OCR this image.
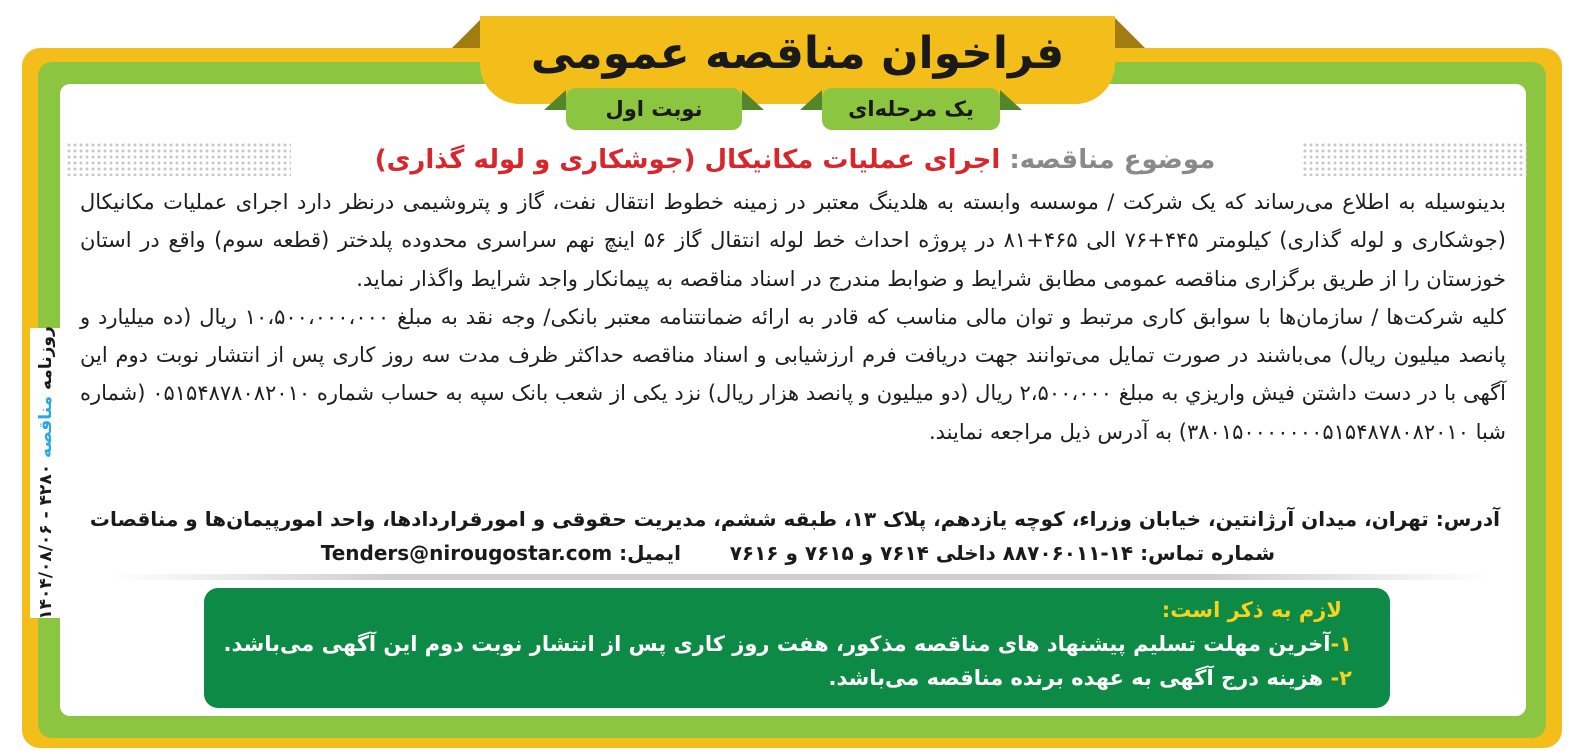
فراخوان مناقصه عمومی
یک مرحله‌ای
نوبت اول
موضوع مناقصه: اجرای عملیات مکانیکال (جوشکاری و لوله گذاری)

بدینوسیله به اطلاع می‌رساند که یک شرکت / موسسه وابسته به هلدینگ معتبر در زمینه خطوط انتقال نفت، گاز و پتروشیمی درنظر دارد اجرای عملیات مکانیکال (جوشکاری و لوله گذاری) کیلومتر ۴۴۵+۷۶ الی ۴۶۵+۸۱ در پروژه احداث خط لوله انتقال گاز ۵۶ اینچ نهم سراسری محدوده پلدختر (قطعه سوم) واقع در استان خوزستان را از طریق برگزاری مناقصه عمومی مطابق شرایط و ضوابط مندرج در اسناد مناقصه به پیمانکار واجد شرایط واگذار نماید.

کلیه شرکت‌ها / سازمان‌ها با سوابق کاری مرتبط و توان مالی مناسب که قادر به ارائه ضمانتنامه معتبر بانکی/ وجه نقد به مبلغ ۱۰،۵۰۰،۰۰۰،۰۰۰ ریال (ده میلیارد و پانصد میلیون ریال) می‌باشند در صورت تمایل می‌توانند جهت دریافت فرم ارزشیابی و اسناد مناقصه حداکثر ظرف مدت سه روز کاری پس از انتشار نوبت دوم این آگهی با در دست داشتن فیش واریزي به مبلغ ۲،۵۰۰،۰۰۰ ریال (دو میلیون و پانصد هزار ریال) نزد یکی از شعب بانک سپه به حساب شماره ۰۵۱۵۴۸۷۸۰۸۲۰۱۰ (شماره شبا ۳۸۰۱۵۰۰۰۰۰۰۰۵۱۵۴۸۷۸۰۸۲۰۱۰) به آدرس ذیل مراجعه نمایند.

آدرس: تهران، میدان آرژانتین، خیابان وزراء، کوچه یازدهم، پلاک ۱۳، طبقه ششم، مدیریت حقوقی و امورقراردادها، واحد امورپیمان‌ها و مناقصات
شماره تماس: ۱۴-۸۸۷۰۶۰۱۱ داخلی ۷۶۱۴ و ۷۶۱۵ و ۷۶۱۶       ایمیل: Tenders@nirougostar.com
لازم به ذکر است:
۱-آخرین مهلت تسلیم پیشنهاد های مناقصه مذکور، هفت روز کاری پس از انتشار نوبت دوم این آگهی می‌باشد.
۲- هزینه درج آگهی به عهده برنده مناقصه می‌باشد.
روزنامه مناقصه ۴۲۸۰ - ۱۴۰۴/۰۸/۰۶
